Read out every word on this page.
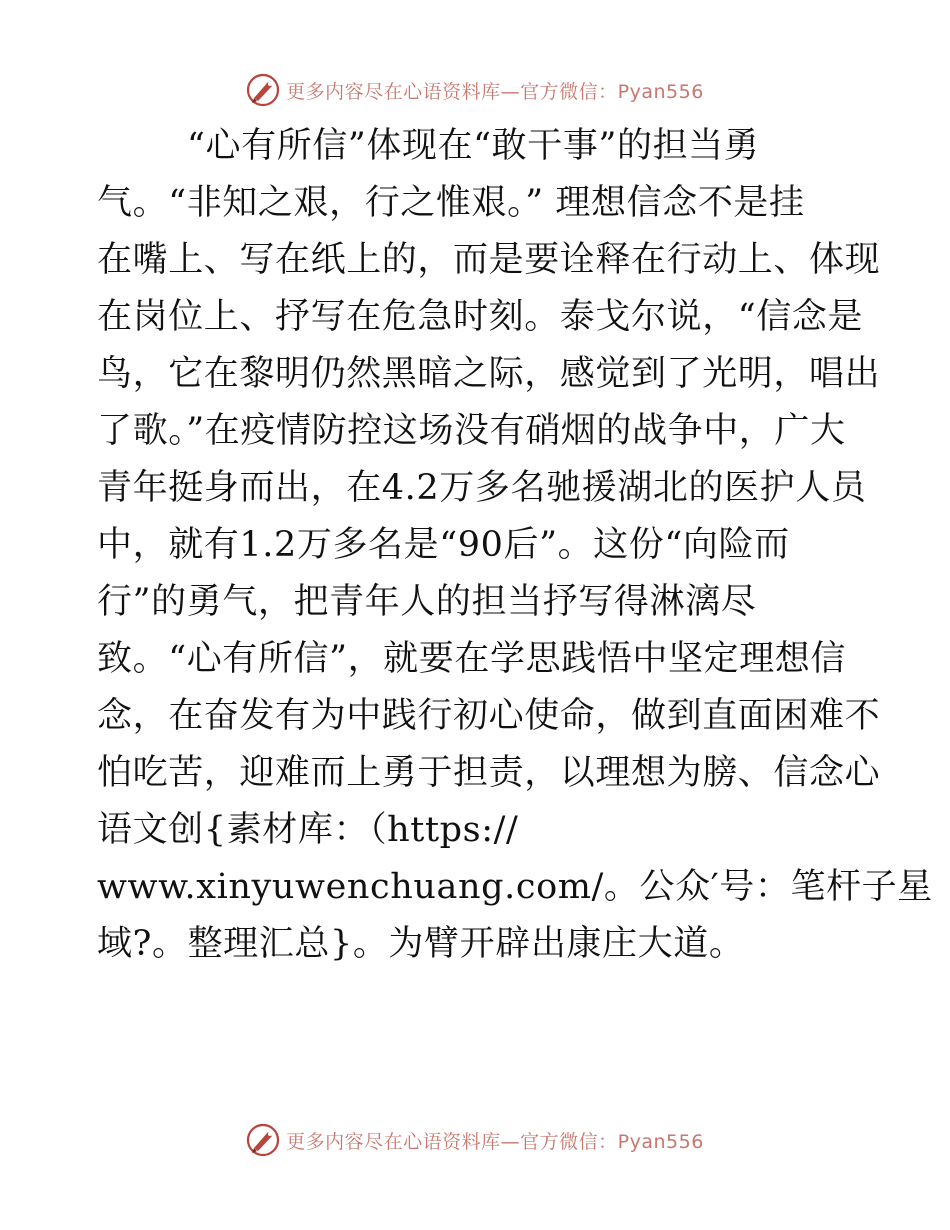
更多内容尽在心语资料库—官方微信：Pyan556
“心有所信”体现在“敢干事”的担当勇
气。“非知之艰，行之惟艰。” 理想信念不是挂
在嘴上、写在纸上的，而是要诠释在行动上、体现
在岗位上、抒写在危急时刻。泰戈尔说，“信念是
鸟，它在黎明仍然黑暗之际，感觉到了光明，唱出
了歌。”在疫情防控这场没有硝烟的战争中，广大
青年挺身而出，在4.2万多名驰援湖北的医护人员
中，就有1.2万多名是“90后”。这份“向险而
行”的勇气，把青年人的担当抒写得淋漓尽
致。“心有所信”，就要在学思践悟中坚定理想信
念，在奋发有为中践行初心使命，做到直面困难不
怕吃苦，迎难而上勇于担责，以理想为膀、信念心
语文创{素材库：（https://
www.xinyuwenchuang.com/。公众′号：笔杆子星
域?。整理汇总}。为臂开辟出康庄大道。
更多内容尽在心语资料库—官方微信：Pyan556
